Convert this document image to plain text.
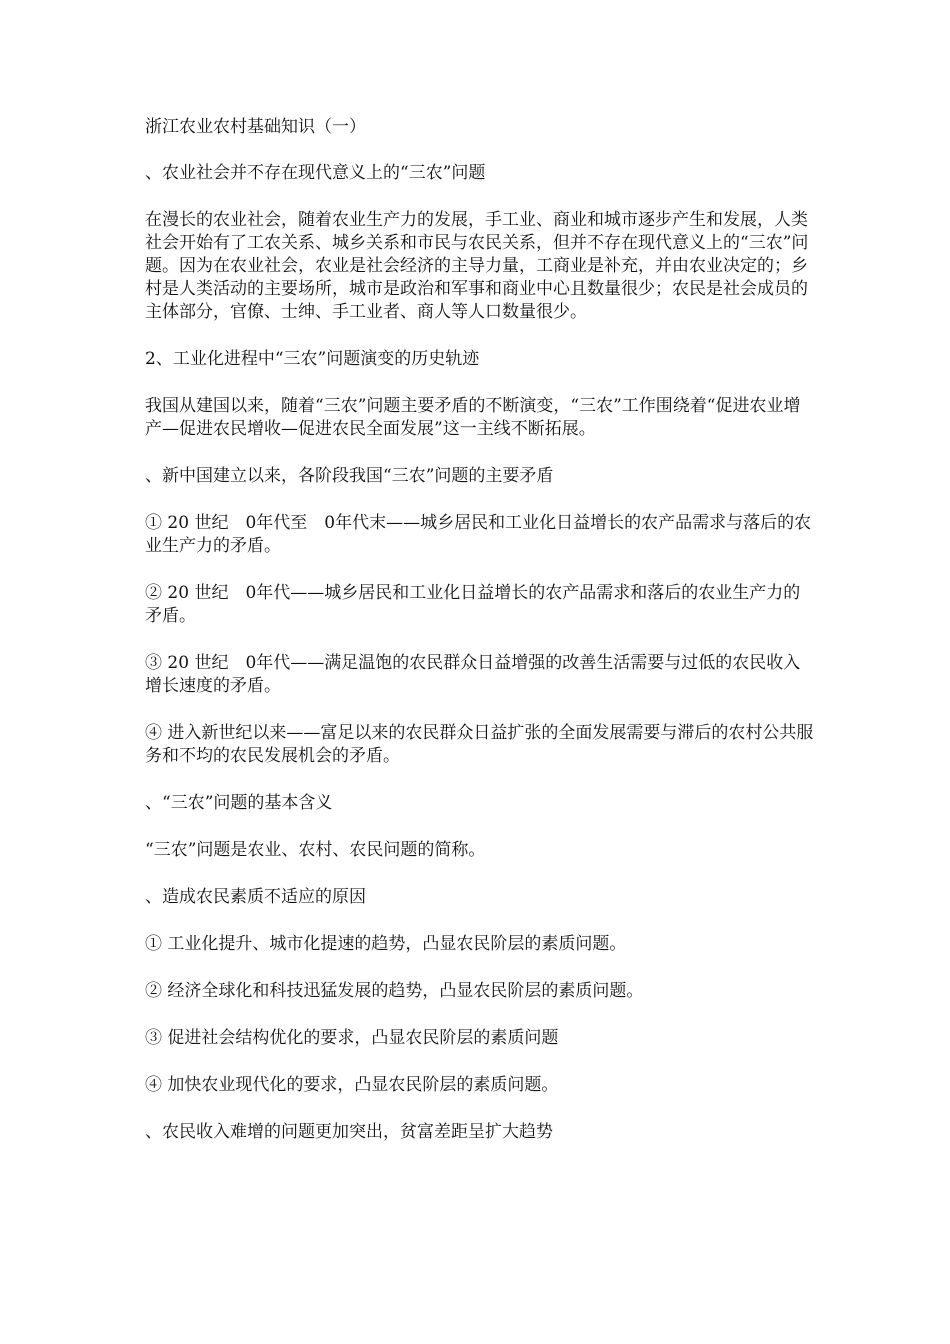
浙江农业农村基础知识（一）
、农业社会并不存在现代意义上的“三农”问题
在漫长的农业社会，随着农业生产力的发展，手工业、商业和城市逐步产生和发展，人类社会开始有了工农关系、城乡关系和市民与农民关系，但并不存在现代意义上的“三农”问题。因为在农业社会，农业是社会经济的主导力量，工商业是补充，并由农业决定的；乡村是人类活动的主要场所，城市是政治和军事和商业中心且数量很少；农民是社会成员的主体部分，官僚、士绅、手工业者、商人等人口数量很少。
2、工业化进程中“三农”问题演变的历史轨迹
我国从建国以来，随着“三农”问题主要矛盾的不断演变，“三农”工作围绕着“促进农业增产—促进农民增收—促进农民全面发展”这一主线不断拓展。
、新中国建立以来，各阶段我国“三农”问题的主要矛盾
① 20 世纪　0年代至　0年代末——城乡居民和工业化日益增长的农产品需求与落后的农业生产力的矛盾。
② 20 世纪　0年代——城乡居民和工业化日益增长的农产品需求和落后的农业生产力的矛盾。
③ 20 世纪　0年代——满足温饱的农民群众日益增强的改善生活需要与过低的农民收入增长速度的矛盾。
④ 进入新世纪以来——富足以来的农民群众日益扩张的全面发展需要与滞后的农村公共服务和不均的农民发展机会的矛盾。
、“三农”问题的基本含义
“三农”问题是农业、农村、农民问题的简称。
、造成农民素质不适应的原因
① 工业化提升、城市化提速的趋势，凸显农民阶层的素质问题。
② 经济全球化和科技迅猛发展的趋势，凸显农民阶层的素质问题。
③ 促进社会结构优化的要求，凸显农民阶层的素质问题
④ 加快农业现代化的要求，凸显农民阶层的素质问题。
、农民收入难增的问题更加突出，贫富差距呈扩大趋势
